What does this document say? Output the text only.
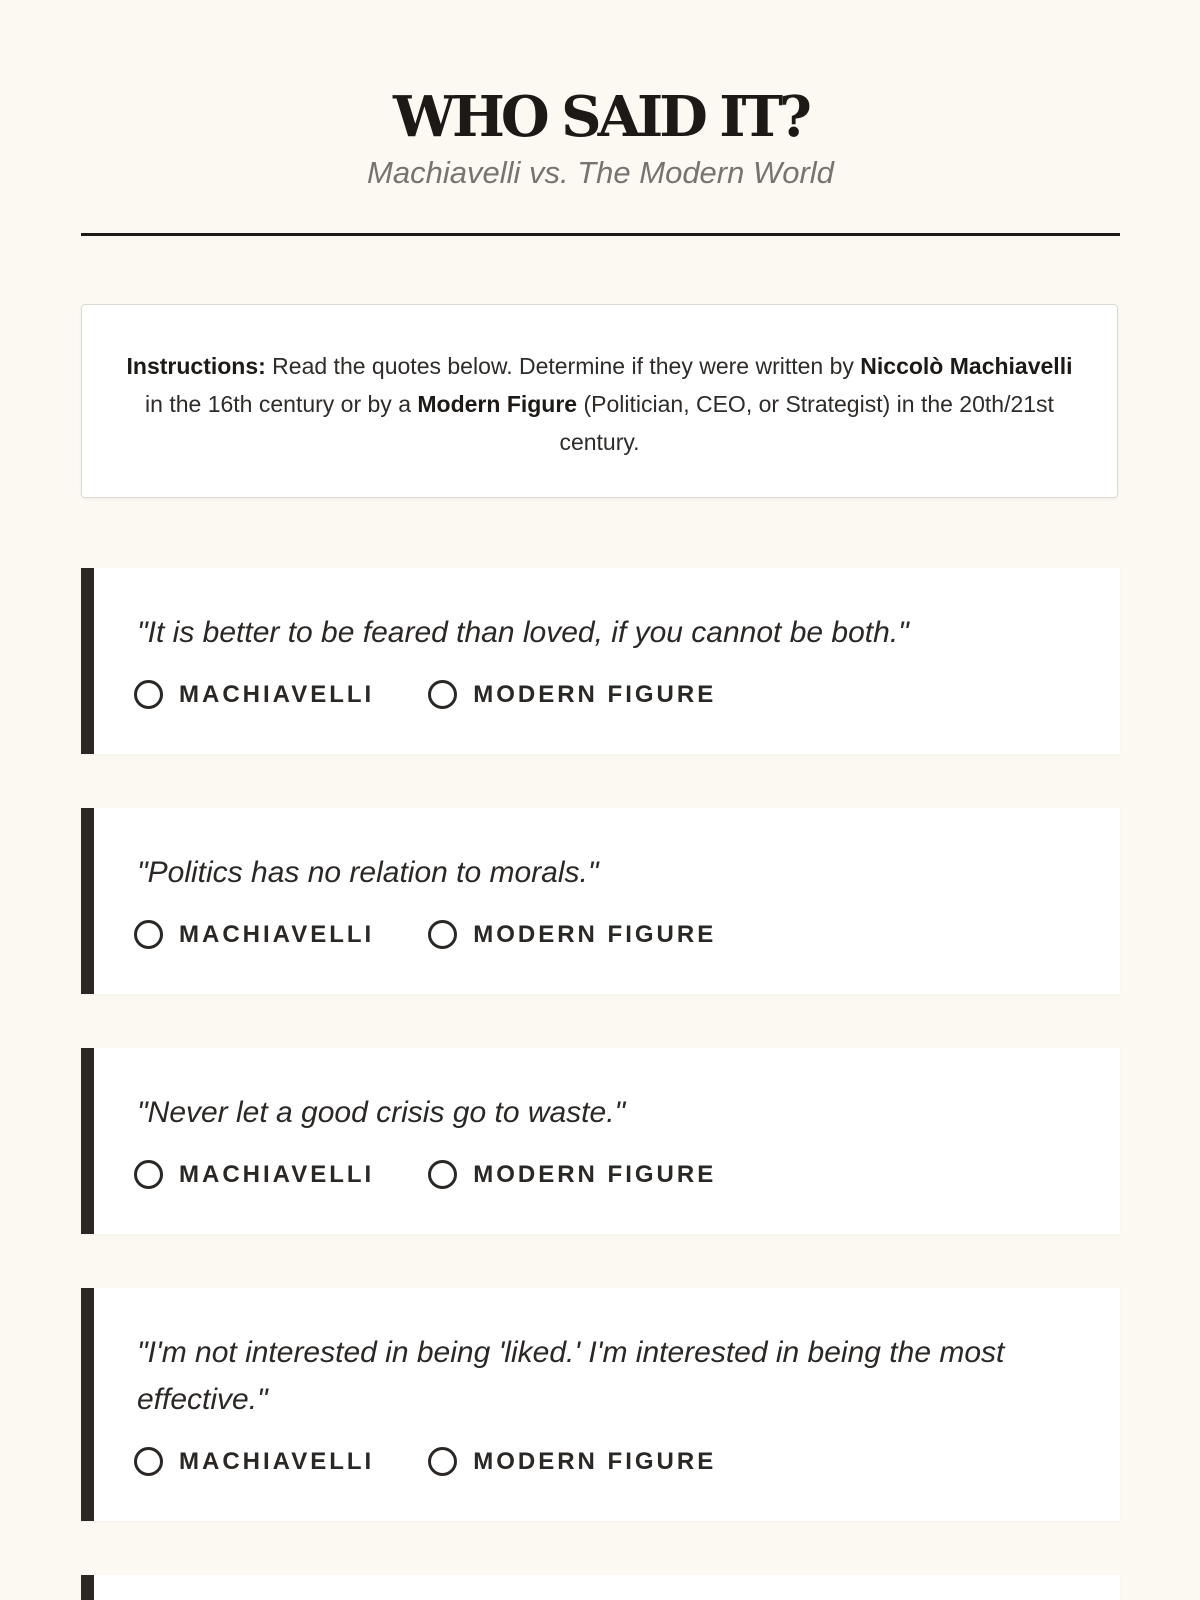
WHO SAID IT?
Machiavelli vs. The Modern World
Instructions: Read the quotes below. Determine if they were written by Niccolò Machiavelli in the 16th century or by a Modern Figure (Politician, CEO, or Strategist) in the 20th/21st century.

"It is better to be feared than loved, if you cannot be both."

MACHIAVELLI	MODERN FIGURE

"Politics has no relation to morals."

MACHIAVELLI	MODERN FIGURE

"Never let a good crisis go to waste."

MACHIAVELLI	MODERN FIGURE

"I'm not interested in being 'liked.' I'm interested in being the most effective."

MACHIAVELLI	MODERN FIGURE
